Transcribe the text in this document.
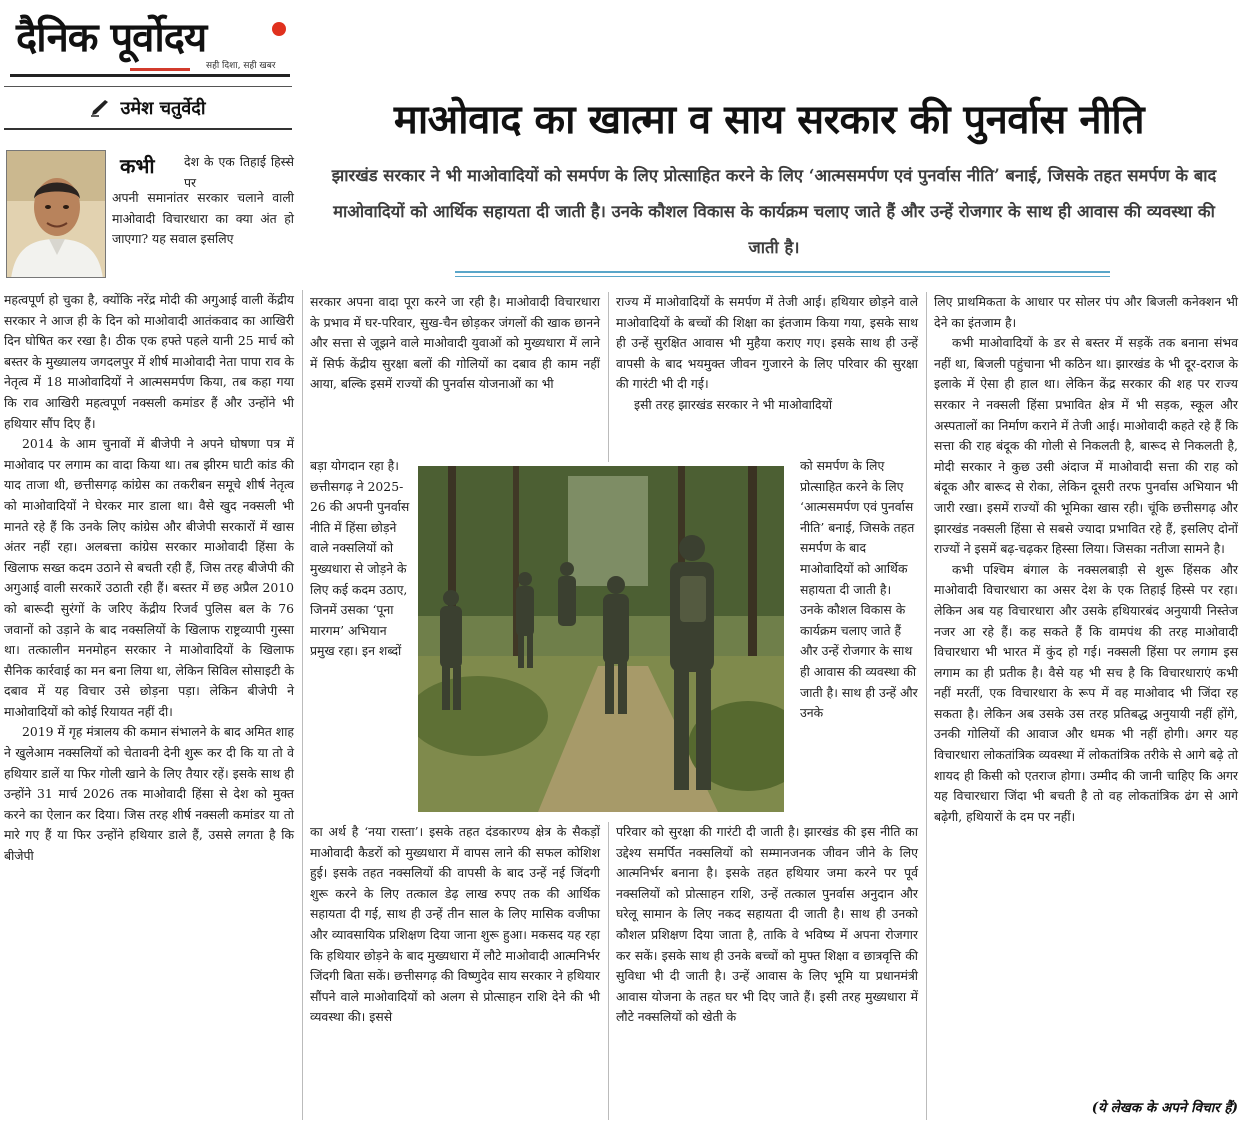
दैनिक पूर्वोदय
सही दिशा, सही खबर
उमेश चतुर्वेदी	माओवाद का खात्मा व साय सरकार की पुनर्वास नीति
झारखंड सरकार ने भी माओवादियों को समर्पण के लिए प्रोत्साहित करने के लिए ‘आत्मसमर्पण एवं पुनर्वास नीति’ बनाई, जिसके तहत समर्पण के बाद माओवादियों को आर्थिक सहायता दी जाती है। उनके कौशल विकास के कार्यक्रम चलाए जाते हैं और उन्हें रोजगार के साथ ही आवास की व्यवस्था की जाती है।
कभी देश के एक तिहाई हिस्से पर

अपनी समानांतर सरकार चलाने वाली माओवादी विचारधारा का क्या अंत हो जाएगा? यह सवाल इसलिए

महत्वपूर्ण हो चुका है, क्योंकि नरेंद्र मोदी की अगुआई वाली केंद्रीय सरकार ने आज ही के दिन को माओवादी आतंकवाद का आखिरी दिन घोषित कर रखा है। ठीक एक हफ्ते पहले यानी 25 मार्च को बस्तर के मुख्यालय जगदलपुर में शीर्ष माओवादी नेता पापा राव के नेतृत्व में 18 माओवादियों ने आत्मसमर्पण किया, तब कहा गया कि राव आखिरी महत्वपूर्ण नक्सली कमांडर हैं और उन्होंने भी हथियार सौंप दिए हैं।

2014 के आम चुनावों में बीजेपी ने अपने घोषणा पत्र में माओवाद पर लगाम का वादा किया था। तब झीरम घाटी कांड की याद ताजा थी, छत्तीसगढ़ कांग्रेस का तकरीबन समूचे शीर्ष नेतृत्व को माओवादियों ने घेरकर मार डाला था। वैसे खुद नक्सली भी मानते रहे हैं कि उनके लिए कांग्रेस और बीजेपी सरकारों में खास अंतर नहीं रहा। अलबत्ता कांग्रेस सरकार माओवादी हिंसा के खिलाफ सख्त कदम उठाने से बचती रही हैं, जिस तरह बीजेपी की अगुआई वाली सरकारें उठाती रही हैं। बस्तर में छह अप्रैल 2010 को बारूदी सुरंगों के जरिए केंद्रीय रिजर्व पुलिस बल के 76 जवानों को उड़ाने के बाद नक्सलियों के खिलाफ राष्ट्रव्यापी गुस्सा था। तत्कालीन मनमोहन सरकार ने माओवादियों के खिलाफ सैनिक कार्रवाई का मन बना लिया था, लेकिन सिविल सोसाइटी के दबाव में यह विचार उसे छोड़ना पड़ा। लेकिन बीजेपी ने माओवादियों को कोई रियायत नहीं दी।

2019 में गृह मंत्रालय की कमान संभालने के बाद अमित शाह ने खुलेआम नक्सलियों को चेतावनी देनी शुरू कर दी कि या तो वे हथियार डालें या फिर गोली खाने के लिए तैयार रहें। इसके साथ ही उन्होंने 31 मार्च 2026 तक माओवादी हिंसा से देश को मुक्त करने का ऐलान कर दिया। जिस तरह शीर्ष नक्सली कमांडर या तो मारे गए हैं या फिर उन्होंने हथियार डाले हैं, उससे लगता है कि बीजेपी

सरकार अपना वादा पूरा करने जा रही है। माओवादी विचारधारा के प्रभाव में घर-परिवार, सुख-चैन छोड़कर जंगलों की खाक छानने और सत्ता से जूझने वाले माओवादी युवाओं को मुख्यधारा में लाने में सिर्फ केंद्रीय सुरक्षा बलों की गोलियों का दबाव ही काम नहीं आया, बल्कि इसमें राज्यों की पुनर्वास योजनाओं का भी

बड़ा योगदान रहा है। छत्तीसगढ़ ने 2025-26 की अपनी पुनर्वास नीति में हिंसा छोड़ने वाले नक्सलियों को मुख्यधारा से जोड़ने के लिए कई कदम उठाए, जिनमें उसका ‘पूना मारगम’ अभियान प्रमुख रहा। इन शब्दों

का अर्थ है ‘नया रास्ता’। इसके तहत दंडकारण्य क्षेत्र के सैकड़ों माओवादी कैडरों को मुख्यधारा में वापस लाने की सफल कोशिश हुई। इसके तहत नक्सलियों की वापसी के बाद उन्हें नई जिंदगी शुरू करने के लिए तत्काल डेढ़ लाख रुपए तक की आर्थिक सहायता दी गई, साथ ही उन्हें तीन साल के लिए मासिक वजीफा और व्यावसायिक प्रशिक्षण दिया जाना शुरू हुआ। मकसद यह रहा कि हथियार छोड़ने के बाद मुख्यधारा में लौटे माओवादी आत्मनिर्भर जिंदगी बिता सकें। छत्तीसगढ़ की विष्णुदेव साय सरकार ने हथियार सौंपने वाले माओवादियों को अलग से प्रोत्साहन राशि देने की भी व्यवस्था की। इससे

राज्य में माओवादियों के समर्पण में तेजी आई। हथियार छोड़ने वाले माओवादियों के बच्चों की शिक्षा का इंतजाम किया गया, इसके साथ ही उन्हें सुरक्षित आवास भी मुहैया कराए गए। इसके साथ ही उन्हें वापसी के बाद भयमुक्त जीवन गुजारने के लिए परिवार की सुरक्षा की गारंटी भी दी गई।

इसी तरह झारखंड सरकार ने भी माओवादियों

को समर्पण के लिए प्रोत्साहित करने के लिए ‘आत्मसमर्पण एवं पुनर्वास नीति’ बनाई, जिसके तहत समर्पण के बाद माओवादियों को आर्थिक सहायता दी जाती है। उनके कौशल विकास के कार्यक्रम चलाए जाते हैं और उन्हें रोजगार के साथ ही आवास की व्यवस्था की जाती है। साथ ही उन्हें और उनके

परिवार को सुरक्षा की गारंटी दी जाती है। झारखंड की इस नीति का उद्देश्य समर्पित नक्सलियों को सम्मानजनक जीवन जीने के लिए आत्मनिर्भर बनाना है। इसके तहत हथियार जमा करने पर पूर्व नक्सलियों को प्रोत्साहन राशि, उन्हें तत्काल पुनर्वास अनुदान और घरेलू सामान के लिए नकद सहायता दी जाती है। साथ ही उनको कौशल प्रशिक्षण दिया जाता है, ताकि वे भविष्य में अपना रोजगार कर सकें। इसके साथ ही उनके बच्चों को मुफ्त शिक्षा व छात्रवृत्ति की सुविधा भी दी जाती है। उन्हें आवास के लिए भूमि या प्रधानमंत्री आवास योजना के तहत घर भी दिए जाते हैं। इसी तरह मुख्यधारा में लौटे नक्सलियों को खेती के

लिए प्राथमिकता के आधार पर सोलर पंप और बिजली कनेक्शन भी देने का इंतजाम है।

कभी माओवादियों के डर से बस्तर में सड़कें तक बनाना संभव नहीं था, बिजली पहुंचाना भी कठिन था। झारखंड के भी दूर-दराज के इलाके में ऐसा ही हाल था। लेकिन केंद्र सरकार की शह पर राज्य सरकार ने नक्सली हिंसा प्रभावित क्षेत्र में भी सड़क, स्कूल और अस्पतालों का निर्माण कराने में तेजी आई। माओवादी कहते रहे हैं कि सत्ता की राह बंदूक की गोली से निकलती है, बारूद से निकलती है, मोदी सरकार ने कुछ उसी अंदाज में माओवादी सत्ता की राह को बंदूक और बारूद से रोका, लेकिन दूसरी तरफ पुनर्वास अभियान भी जारी रखा। इसमें राज्यों की भूमिका खास रही। चूंकि छत्तीसगढ़ और झारखंड नक्सली हिंसा से सबसे ज्यादा प्रभावित रहे हैं, इसलिए दोनों राज्यों ने इसमें बढ़-चढ़कर हिस्सा लिया। जिसका नतीजा सामने है।

कभी पश्चिम बंगाल के नक्सलबाड़ी से शुरू हिंसक और माओवादी विचारधारा का असर देश के एक तिहाई हिस्से पर रहा। लेकिन अब यह विचारधारा और उसके हथियारबंद अनुयायी निस्तेज नजर आ रहे हैं। कह सकते हैं कि वामपंथ की तरह माओवादी विचारधारा भी भारत में कुंद हो गई। नक्सली हिंसा पर लगाम इस लगाम का ही प्रतीक है। वैसे यह भी सच है कि विचारधाराएं कभी नहीं मरतीं, एक विचारधारा के रूप में वह माओवाद भी जिंदा रह सकता है। लेकिन अब उसके उस तरह प्रतिबद्ध अनुयायी नहीं होंगे, उनकी गोलियों की आवाज और धमक भी नहीं होगी। अगर यह विचारधारा लोकतांत्रिक व्यवस्था में लोकतांत्रिक तरीके से आगे बढ़े तो शायद ही किसी को एतराज होगा। उम्मीद की जानी चाहिए कि अगर यह विचारधारा जिंदा भी बचती है तो वह लोकतांत्रिक ढंग से आगे बढ़ेगी, हथियारों के दम पर नहीं।

(ये लेखक के अपने विचार हैं)
